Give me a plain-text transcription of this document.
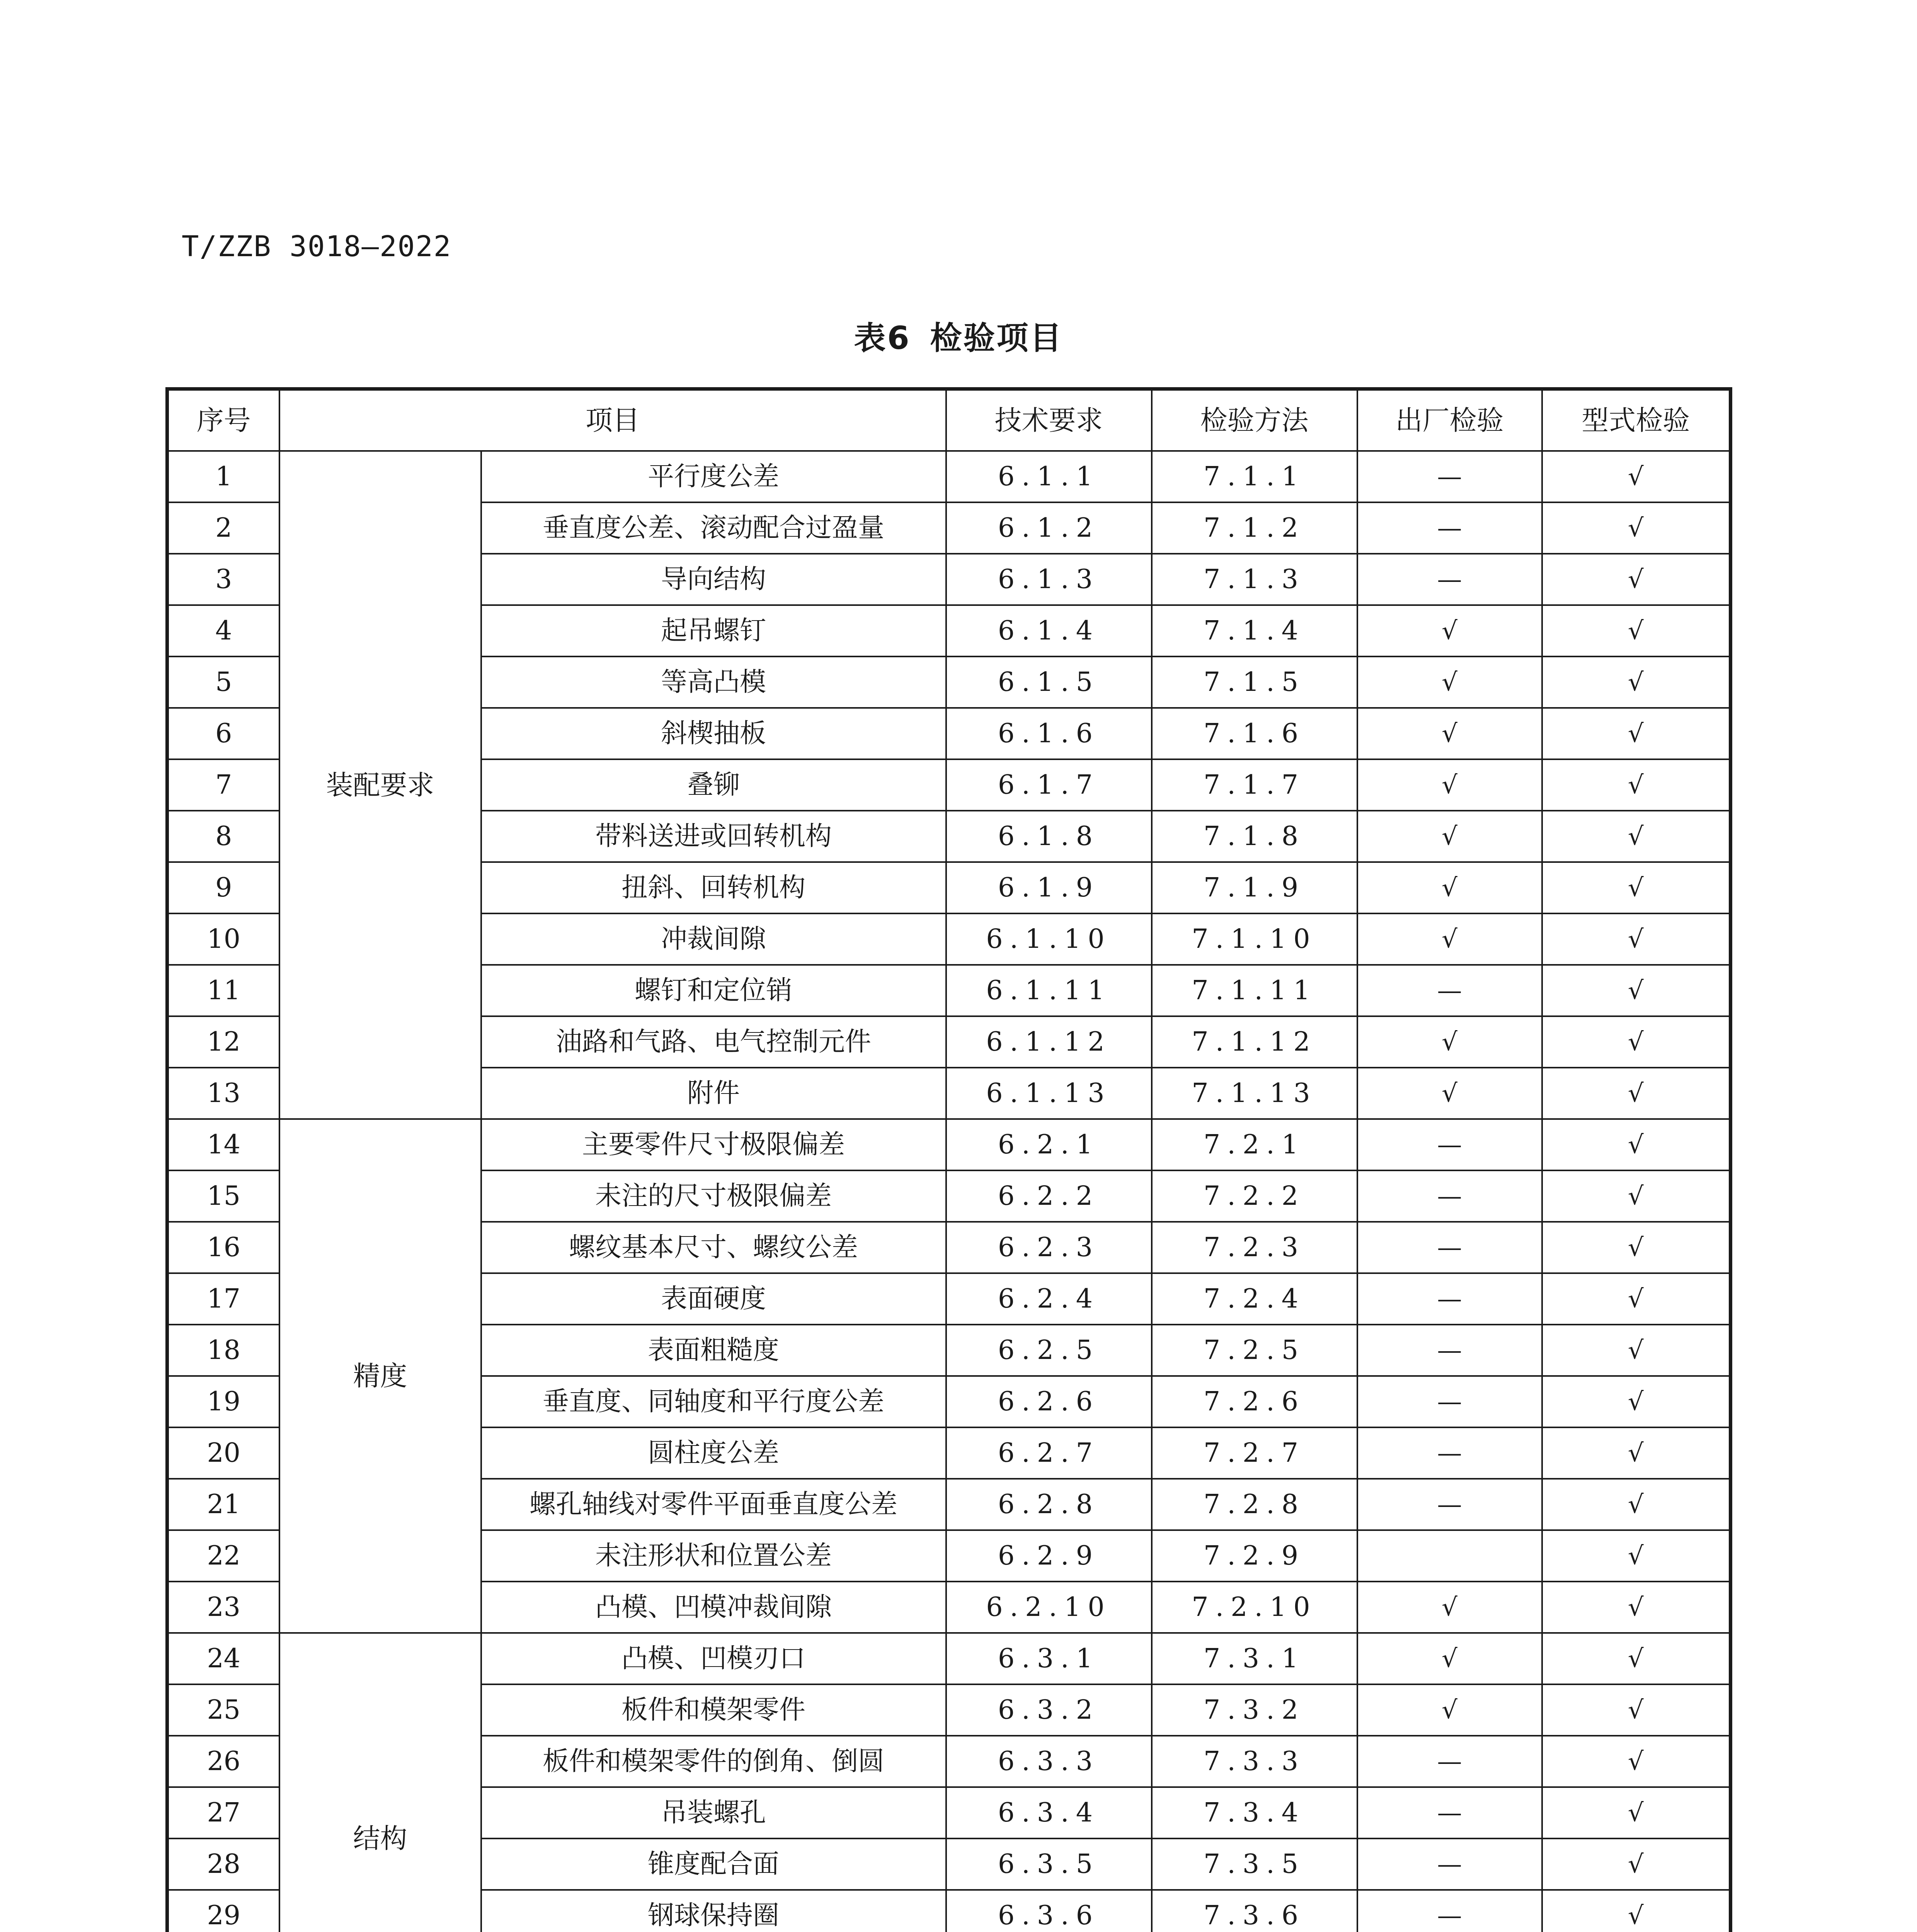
T/ZZB 3018—2022
表6 检验项目
序号	项目		技术要求	检验方法	出厂检验	型式检验
1	装配要求	平行度公差	6.1.1	7.1.1	—	√
2		垂直度公差、滚动配合过盈量	6.1.2	7.1.2	—	√
3		导向结构	6.1.3	7.1.3	—	√
4		起吊螺钉	6.1.4	7.1.4	√	√
5		等高凸模	6.1.5	7.1.5	√	√
6		斜楔抽板	6.1.6	7.1.6	√	√
7		叠铆	6.1.7	7.1.7	√	√
8		带料送进或回转机构	6.1.8	7.1.8	√	√
9		扭斜、回转机构	6.1.9	7.1.9	√	√
10		冲裁间隙	6.1.10	7.1.10	√	√
11		螺钉和定位销	6.1.11	7.1.11	—	√
12		油路和气路、电气控制元件	6.1.12	7.1.12	√	√
13		附件	6.1.13	7.1.13	√	√
14	精度	主要零件尺寸极限偏差	6.2.1	7.2.1	—	√
15		未注的尺寸极限偏差	6.2.2	7.2.2	—	√
16		螺纹基本尺寸、螺纹公差	6.2.3	7.2.3	—	√
17		表面硬度	6.2.4	7.2.4	—	√
18		表面粗糙度	6.2.5	7.2.5	—	√
19		垂直度、同轴度和平行度公差	6.2.6	7.2.6	—	√
20		圆柱度公差	6.2.7	7.2.7	—	√
21		螺孔轴线对零件平面垂直度公差	6.2.8	7.2.8	—	√
22		未注形状和位置公差	6.2.9	7.2.9		√
23		凸模、凹模冲裁间隙	6.2.10	7.2.10	√	√
24	结构	凸模、凹模刃口	6.3.1	7.3.1	√	√
25		板件和模架零件	6.3.2	7.3.2	√	√
26		板件和模架零件的倒角、倒圆	6.3.3	7.3.3	—	√
27		吊装螺孔	6.3.4	7.3.4	—	√
28		锥度配合面	6.3.5	7.3.5	—	√
29		钢球保持圈	6.3.6	7.3.6	—	√
